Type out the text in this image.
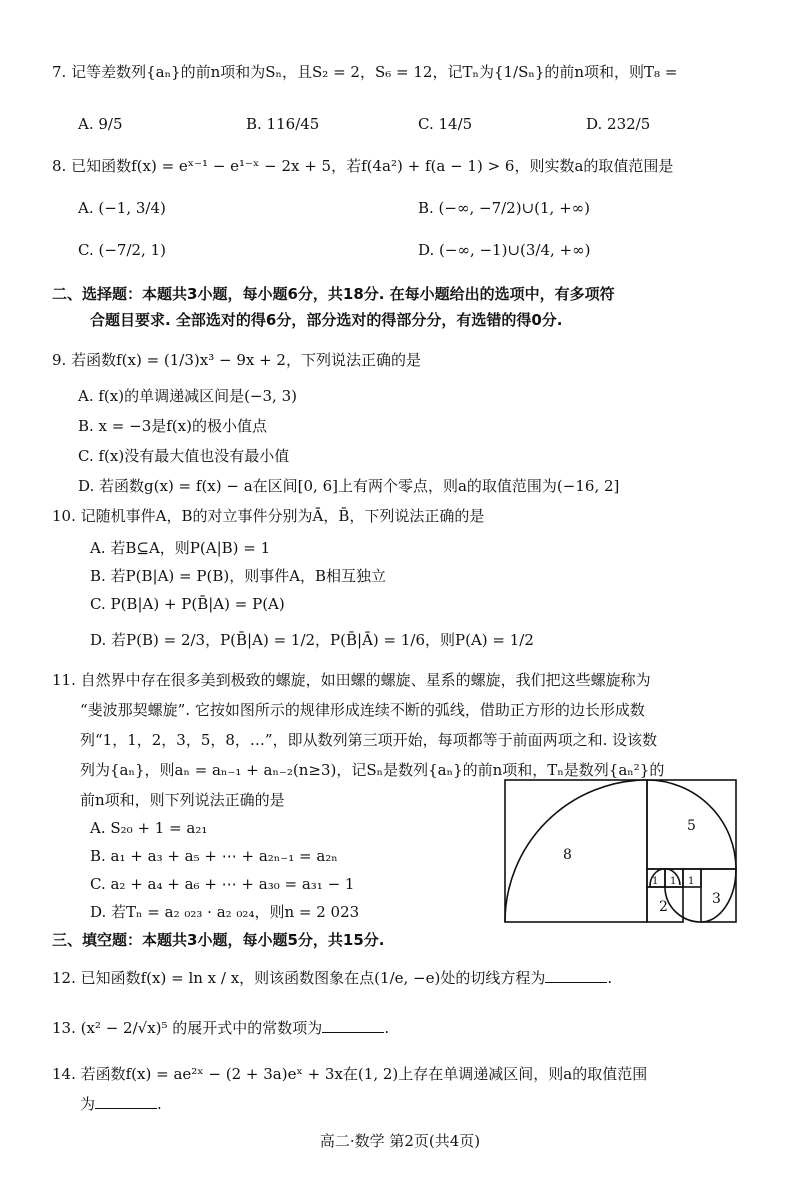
7. 记等差数列{aₙ}的前n项和为Sₙ，且S₂ = 2，S₆ = 12，记Tₙ为{1/Sₙ}的前n项和，则T₈ =
A. 9/5	B. 116/45	C. 14/5	D. 232/5
8. 已知函数f(x) = eˣ⁻¹ − e¹⁻ˣ − 2x + 5，若f(4a²) + f(a − 1) > 6，则实数a的取值范围是
A. (−1, 3/4)	B. (−∞, −7/2)∪(1, +∞)
C. (−7/2, 1)	D. (−∞, −1)∪(3/4, +∞)
二、选择题：本题共3小题，每小题6分，共18分. 在每小题给出的选项中，有多项符
合题目要求. 全部选对的得6分，部分选对的得部分分，有选错的得0分.
9. 若函数f(x) = (1/3)x³ − 9x + 2，下列说法正确的是
A. f(x)的单调递减区间是(−3, 3)
B. x = −3是f(x)的极小值点
C. f(x)没有最大值也没有最小值
D. 若函数g(x) = f(x) − a在区间[0, 6]上有两个零点，则a的取值范围为(−16, 2]
10. 记随机事件A，B的对立事件分别为Ā，B̄，下列说法正确的是
A. 若B⊆A，则P(A|B) = 1
B. 若P(B|A) = P(B)，则事件A，B相互独立
C. P(B|A) + P(B̄|A) = P(A)
D. 若P(B) = 2/3，P(B̄|A) = 1/2，P(B̄|Ā) = 1/6，则P(A) = 1/2
11. 自然界中存在很多美到极致的螺旋，如田螺的螺旋、星系的螺旋，我们把这些螺旋称为
“斐波那契螺旋”. 它按如图所示的规律形成连续不断的弧线，借助正方形的边长形成数
列“1，1，2，3，5，8，…”，即从数列第三项开始，每项都等于前面两项之和. 设该数
列为{aₙ}，则aₙ = aₙ₋₁ + aₙ₋₂(n≥3)，记Sₙ是数列{aₙ}的前n项和，Tₙ是数列{aₙ²}的
前n项和，则下列说法正确的是
A. S₂₀ + 1 = a₂₁
B. a₁ + a₃ + a₅ + ⋯ + a₂ₙ₋₁ = a₂ₙ
C. a₂ + a₄ + a₆ + ⋯ + a₃₀ = a₃₁ − 1
D. 若Tₙ = a₂ ₀₂₃ · a₂ ₀₂₄，则n = 2 023
8
5
3
2
1 1 1
三、填空题：本题共3小题，每小题5分，共15分.
12. 已知函数f(x) = ln x / x，则该函数图象在点(1/e, −e)处的切线方程为	.
13. (x² − 2/√x)⁵ 的展开式中的常数项为	.
14. 若函数f(x) = ae²ˣ − (2 + 3a)eˣ + 3x在(1, 2)上存在单调递减区间，则a的取值范围
为	.
高二·数学 第2页(共4页)
